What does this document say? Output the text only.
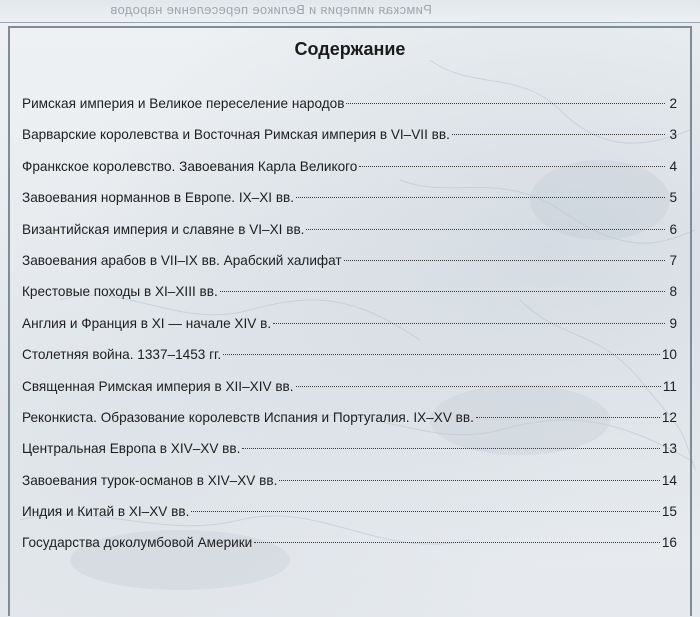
Римская империя и Великое переселение народов
Содержание
Римская империя и Великое переселение народов	2
Варварские королевства и Восточная Римская империя в VI–VII вв.	3
Франкское королевство. Завоевания Карла Великого	4
Завоевания норманнов в Европе. IX–XI вв.	5
Византийская империя и славяне в VI–XI вв.	6
Завоевания арабов в VII–IX вв. Арабский халифат	7
Крестовые походы в XI–XIII вв.	8
Англия и Франция в XI — начале XIV в.	9
Столетняя война. 1337–1453 гг.	10
Священная Римская империя в XII–XIV вв.	11
Реконкиста. Образование королевств Испания и Португалия. IX–XV вв.	12
Центральная Европа в XIV–XV вв.	13
Завоевания турок-османов в XIV–XV вв.	14
Индия и Китай в XI–XV вв.	15
Государства доколумбовой Америки	16
